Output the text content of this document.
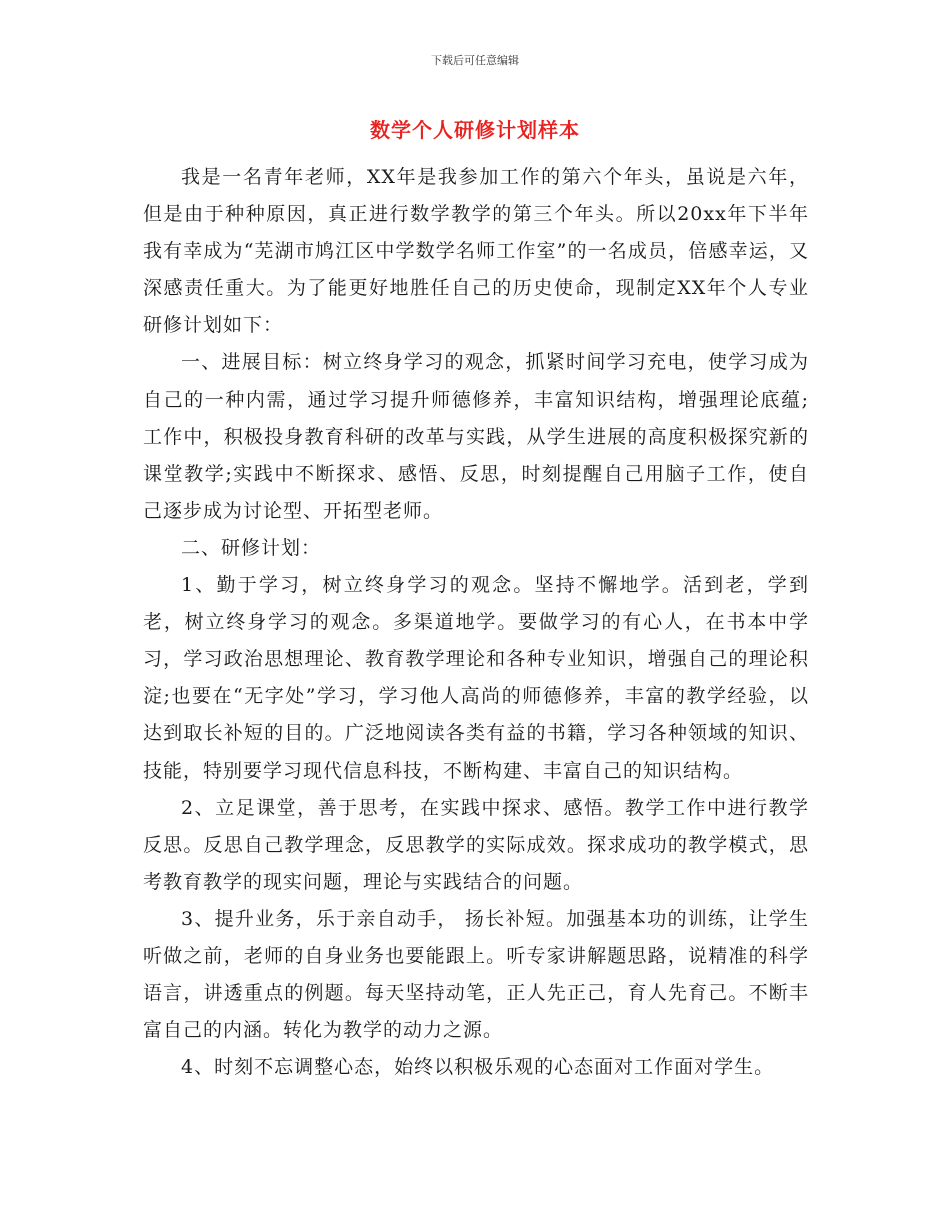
下载后可任意编辑
数学个人研修计划样本

我是一名青年老师，XX年是我参加工作的第六个年头，虽说是六年，但是由于种种原因，真正进行数学教学的第三个年头。所以20xx年下半年我有幸成为“芜湖市鸠江区中学数学名师工作室”的一名成员，倍感幸运，又深感责任重大。为了能更好地胜任自己的历史使命，现制定XX年个人专业研修计划如下：

一、进展目标：树立终身学习的观念，抓紧时间学习充电，使学习成为自己的一种内需，通过学习提升师德修养，丰富知识结构，增强理论底蕴;工作中，积极投身教育科研的改革与实践，从学生进展的高度积极探究新的课堂教学;实践中不断探求、感悟、反思，时刻提醒自己用脑子工作，使自己逐步成为讨论型、开拓型老师。

二、研修计划：

1、勤于学习，树立终身学习的观念。坚持不懈地学。活到老，学到老，树立终身学习的观念。多渠道地学。要做学习的有心人，在书本中学习，学习政治思想理论、教育教学理论和各种专业知识，增强自己的理论积淀;也要在“无字处”学习，学习他人高尚的师德修养，丰富的教学经验，以达到取长补短的目的。广泛地阅读各类有益的书籍，学习各种领域的知识、技能，特别要学习现代信息科技，不断构建、丰富自己的知识结构。

2、立足课堂，善于思考，在实践中探求、感悟。教学工作中进行教学反思。反思自己教学理念，反思教学的实际成效。探求成功的教学模式，思考教育教学的现实问题，理论与实践结合的问题。

3、提升业务，乐于亲自动手， 扬长补短。加强基本功的训练，让学生听做之前，老师的自身业务也要能跟上。听专家讲解题思路，说精准的科学语言，讲透重点的例题。每天坚持动笔，正人先正己，育人先育己。不断丰富自己的内涵。转化为教学的动力之源。

4、时刻不忘调整心态，始终以积极乐观的心态面对工作面对学生。
